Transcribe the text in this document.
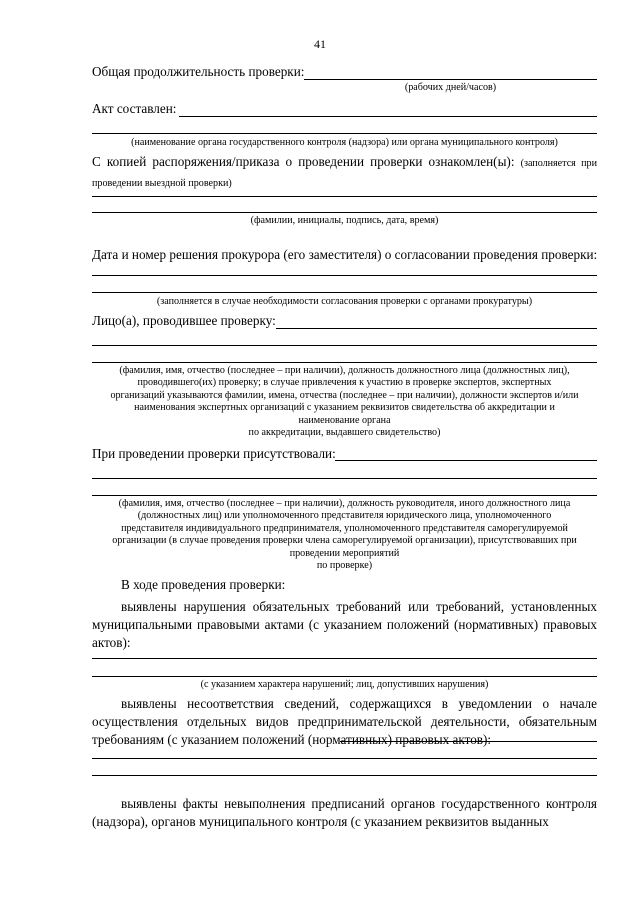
41
Общая продолжительность проверки:
(рабочих дней/часов)
Акт составлен:
(наименование органа государственного контроля (надзора) или органа муниципального контроля)
С копией распоряжения/приказа о проведении проверки ознакомлен(ы): (заполняется при проведении выездной проверки)
(фамилии, инициалы, подпись, дата, время)
Дата и номер решения прокурора (его заместителя) о согласовании проведения проверки:
(заполняется в случае необходимости согласования проверки с органами прокуратуры)
Лицо(а), проводившее проверку:
(фамилия, имя, отчество (последнее – при наличии), должность должностного лица (должностных лиц),
проводившего(их) проверку; в случае привлечения к участию в проверке экспертов, экспертных
организаций указываются фамилии, имена, отчества (последнее – при наличии), должности экспертов и/или
наименования экспертных организаций с указанием реквизитов свидетельства об аккредитации и
наименование органа
по аккредитации, выдавшего свидетельство)
При проведении проверки присутствовали:
(фамилия, имя, отчество (последнее – при наличии), должность руководителя, иного должностного лица
(должностных лиц) или уполномоченного представителя юридического лица, уполномоченного
представителя индивидуального предпринимателя, уполномоченного представителя саморегулируемой
организации (в случае проведения проверки члена саморегулируемой организации), присутствовавших при
проведении мероприятий
по проверке)
В ходе проведения проверки:
выявлены нарушения обязательных требований или требований, установленных муниципальными правовыми актами (с указанием положений (нормативных) правовых актов):
(с указанием характера нарушений; лиц, допустивших нарушения)
выявлены несоответствия сведений, содержащихся в уведомлении о начале осуществления отдельных видов предпринимательской деятельности, обязательным требованиям (с указанием положений (нормативных) правовых актов):
выявлены факты невыполнения предписаний органов государственного контроля (надзора), органов муниципального контроля (с указанием реквизитов выданных
